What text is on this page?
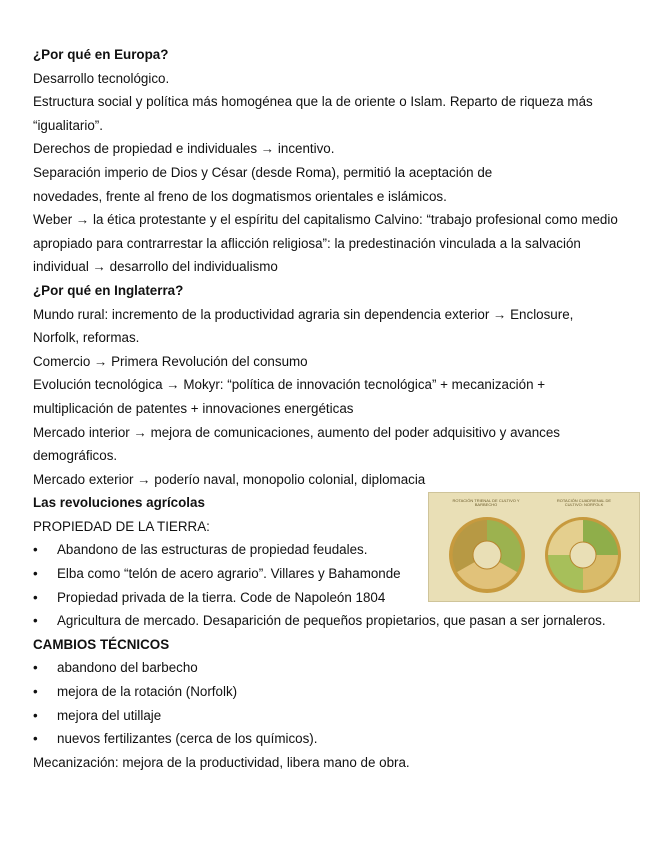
¿Por qué en Europa?

Desarrollo tecnológico.

Estructura social y política más homogénea que la de oriente o Islam. Reparto de riqueza más “igualitario”.

Derechos de propiedad e individuales → incentivo.

Separación imperio de Dios y César (desde Roma), permitió la aceptación de novedades, frente al freno de los dogmatismos orientales e islámicos.

Weber → la ética protestante y el espíritu del capitalismo Calvino: “trabajo profesional como medio apropiado para contrarrestar la aflicción religiosa”: la predestinación vinculada a la salvación individual → desarrollo del individualismo

¿Por qué en Inglaterra?

Mundo rural: incremento de la productividad agraria sin dependencia exterior → Enclosure, Norfolk, reformas.

Comercio → Primera Revolución del consumo

Evolución tecnológica → Mokyr: “política de innovación tecnológica” + mecanización + multiplicación de patentes + innovaciones energéticas

Mercado interior → mejora de comunicaciones, aumento del poder adquisitivo y avances demográficos.

Mercado exterior → poderío naval, monopolio colonial, diplomacia

Las revoluciones agrícolas

PROPIEDAD DE LA TIERRA:

• Abandono de las estructuras de propiedad feudales.
• Elba como “telón de acero agrario”. Villares y Bahamonde
• Propiedad privada de la tierra. Code de Napoleón 1804
• Agricultura de mercado. Desaparición de pequeños propietarios, que pasan a ser jornaleros.

CAMBIOS TÉCNICOS

• abandono del barbecho
• mejora de la rotación (Norfolk)
• mejora del utillaje
• nuevos fertilizantes (cerca de los químicos).

Mecanización: mejora de la productividad, libera mano de obra.

ROTACIÓN TRIENAL DE CULTIVO Y BARBECHO
ROTACIÓN CUADRIENAL DE CULTIVO: NORFOLK
